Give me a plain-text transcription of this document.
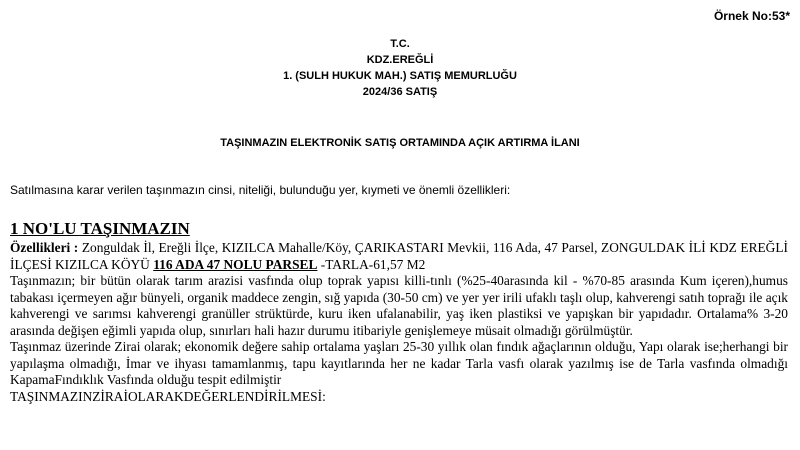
Örnek No:53*
T.C.
KDZ.EREĞLİ
1. (SULH HUKUK MAH.) SATIŞ MEMURLUĞU
2024/36 SATIŞ
TAŞINMAZIN ELEKTRONİK SATIŞ ORTAMINDA AÇIK ARTIRMA İLANI
Satılmasına karar verilen taşınmazın cinsi, niteliği, bulunduğu yer, kıymeti ve önemli özellikleri:
1 NO'LU TAŞINMAZIN

Özellikleri : Zonguldak İl, Ereğli İlçe, KIZILCA Mahalle/Köy, ÇARIKASTARI Mevkii, 116 Ada, 47 Parsel, ZONGULDAK İLİ KDZ EREĞLİ İLÇESİ KIZILCA KÖYÜ 116 ADA 47 NOLU PARSEL -TARLA-61,57 M2

Taşınmazın; bir bütün olarak tarım arazisi vasfında olup toprak yapısı killi-tınlı (%25-40arasında kil - %70-85 arasında Kum içeren),humus tabakası içermeyen ağır bünyeli, organik maddece zengin, sığ yapıda (30-50 cm) ve yer yer irili ufaklı taşlı olup, kahverengi satıh toprağı ile açık kahverengi ve sarımsı kahverengi granüller strüktürde, kuru iken ufalanabilir, yaş iken plastiksi ve yapışkan bir yapıdadır. Ortalama% 3-20 arasında değişen eğimli yapıda olup, sınırları hali hazır durumu itibariyle genişlemeye müsait olmadığı görülmüştür.

Taşınmaz üzerinde Zirai olarak; ekonomik değere sahip ortalama yaşları 25-30 yıllık olan fındık ağaçlarının olduğu, Yapı olarak ise;herhangi bir yapılaşma olmadığı, İmar ve ihyası tamamlanmış, tapu kayıtlarında her ne kadar Tarla vasfı olarak yazılmış ise de Tarla vasfında olmadığı KapamaFındıklık Vasfında olduğu tespit edilmiştir

TAŞINMAZINZİRAİOLARAKDEĞERLENDİRİLMESİ:
